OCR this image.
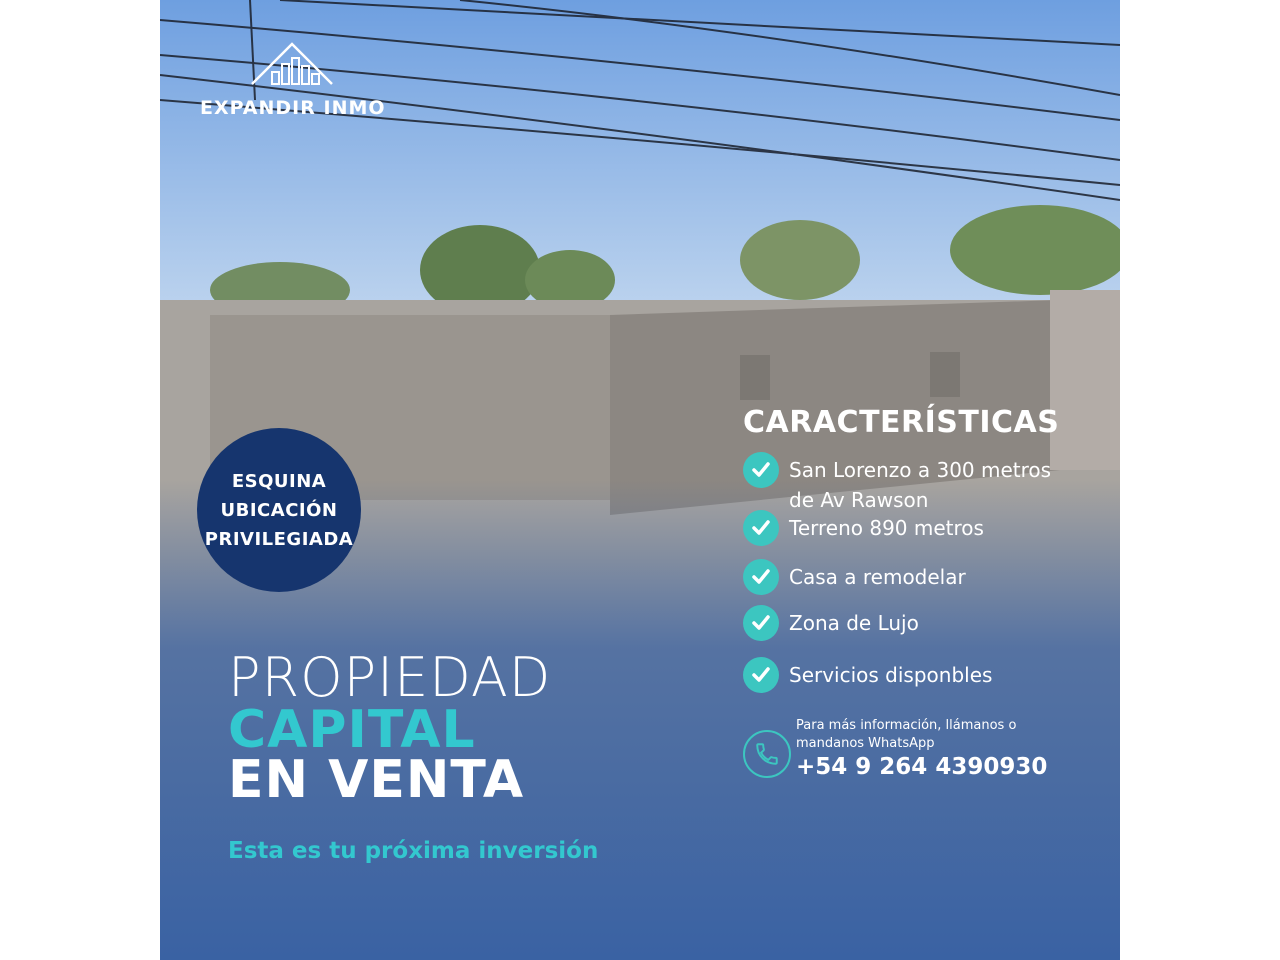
EXPANDIR INMO
ESQUINA
UBICACIÓN
PRIVILEGIADA
CARACTERÍSTICAS
San Lorenzo a 300 metros
de Av Rawson
Terreno 890 metros
Casa a remodelar
Zona de Lujo
Servicios disponbles
PROPIEDAD
CAPITAL
EN VENTA
Esta es tu próxima inversión
Para más información, llámanos o mandanos WhatsApp
+54 9 264 4390930
